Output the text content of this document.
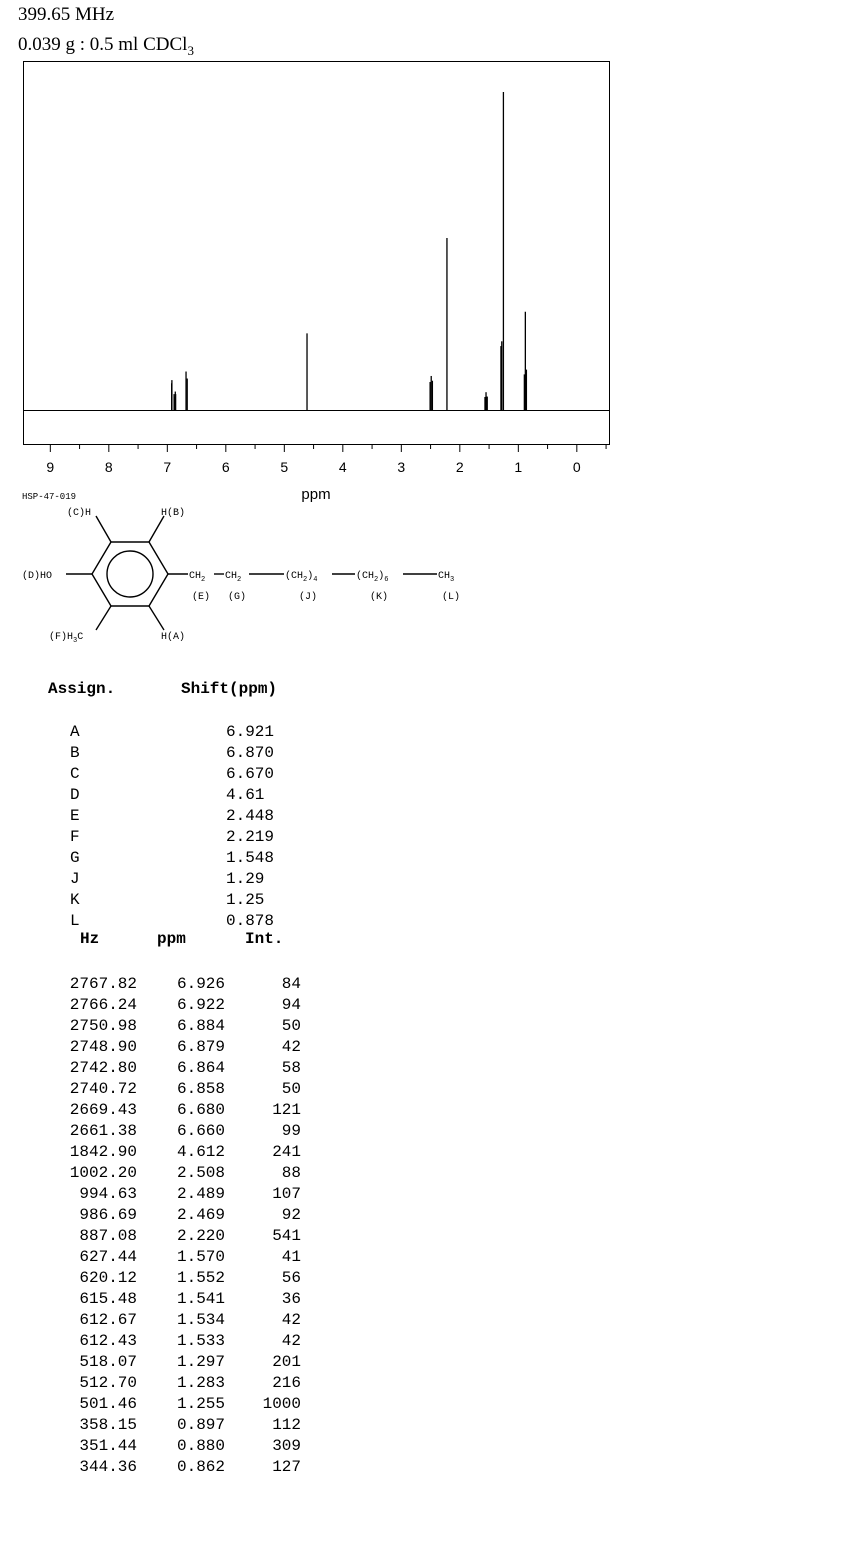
399.65 MHz
0.039 g : 0.5 ml CDCl$_3$
9	8	7	6	5	4	3	2	1	0
ppm
HSP-47-019
(C)H	H(B)
(D)HO
$(F)H_3C$	H(A)
$CH_2$ $CH_2$	$(CH_2)_4$	$(CH_2)_6$	$CH_3$
(E) (G)	(J)	(K)	(L)
Assign.	Shift(ppm)
A	6.921
B	6.870
C	6.670
D	4.61
E	2.448
F	2.219
G	1.548
J	1.29
K	1.25
L	0.878
Hz	ppm	Int.
2767.82 6.926	84
2766.24 6.922	94
2750.98 6.884	50
2748.90 6.879	42
2742.80 6.864	58
2740.72 6.858	50
2669.43 6.680	121
2661.38 6.660	99
1842.90 4.612	241
1002.20 2.508	88
994.63 2.489	107
986.69 2.469	92
887.08 2.220	541
627.44 1.570	41
620.12 1.552	56
615.48 1.541	36
612.67 1.534	42
612.43 1.533	42
518.07 1.297	201
512.70 1.283	216
501.46 1.255 1000
358.15 0.897	112
351.44 0.880	309
344.36 0.862	127
